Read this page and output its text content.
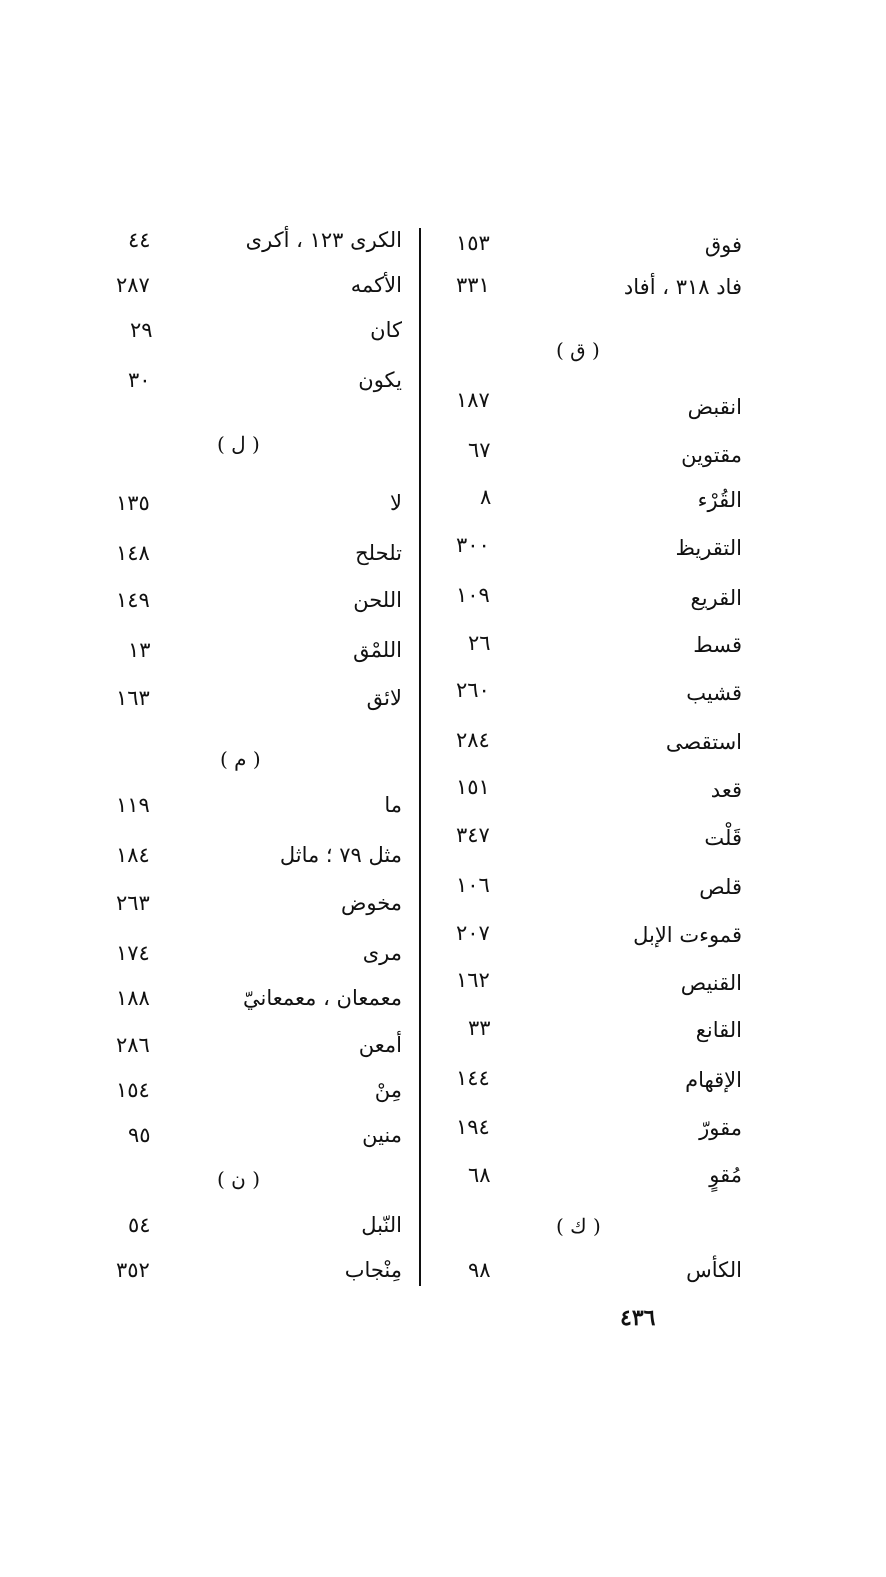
الكرى ١٢٣ ، أكرى
٤٤
الأكمه
٢٨٧
كان
٢٩
يكون
٣٠
( ل )
لا
١٣٥
تلحلح
١٤٨
اللحن
١٤٩
اللمْق
١٣
لائق
١٦٣
( م )
ما
١١٩
مثل ٧٩ ؛ ماثل
١٨٤
مخوض
٢٦٣
مرى
١٧٤
معمعان ، معمعانيّ
١٨٨
أمعن
٢٨٦
مِنْ
١٥٤
منين
٩٥
( ن )
النّبل
٥٤
مِنْجاب
٣٥٢
فوق
١٥٣
فاد ٣١٨ ، أفاد
٣٣١
( ق )
انقبض
١٨٧
مقتوين
٦٧
القُرْء
٨
التقريظ
٣٠٠
القريع
١٠٩
قسط
٢٦
قشيب
٢٦٠
استقصى
٢٨٤
قعد
١٥١
قَلْت
٣٤٧
قلص
١٠٦
قموءت الإبل
٢٠٧
القنيص
١٦٢
القانع
٣٣
الإقهام
١٤٤
مقورّ
١٩٤
مُقوٍ
٦٨
( ك )
الكأس
٩٨
٤٣٦
